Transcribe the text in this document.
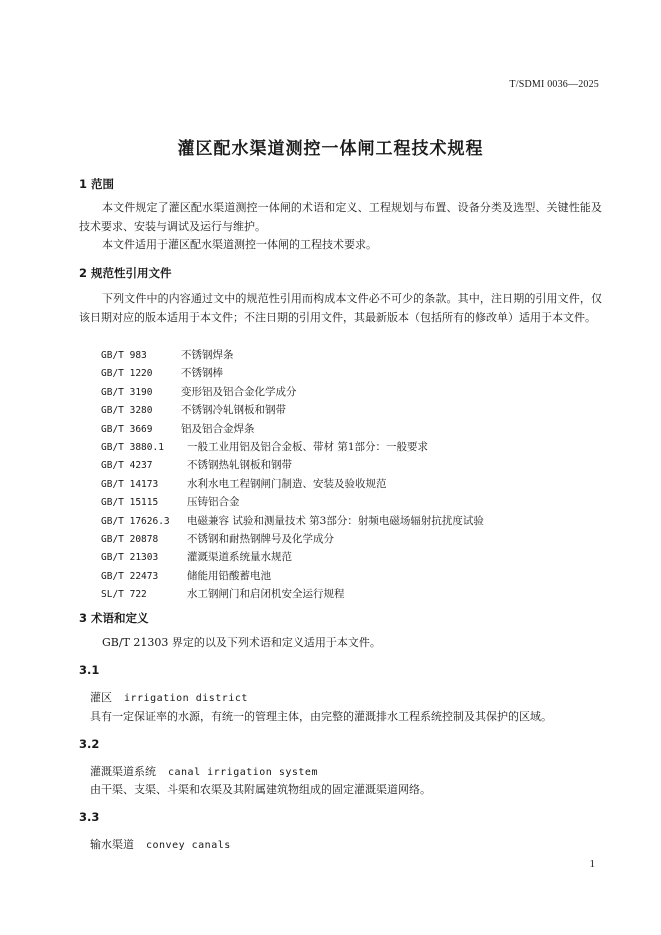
T/SDMI 0036—2025
灌区配水渠道测控一体闸工程技术规程
1 范围
本文件规定了灌区配水渠道测控一体闸的术语和定义、工程规划与布置、设备分类及选型、关键性能及技术要求、安装与调试及运行与维护。
本文件适用于灌区配水渠道测控一体闸的工程技术要求。
2 规范性引用文件
下列文件中的内容通过文中的规范性引用而构成本文件必不可少的条款。其中，注日期的引用文件，仅该日期对应的版本适用于本文件；不注日期的引用文件，其最新版本（包括所有的修改单）适用于本文件。
GB/T 983	不锈钢焊条
GB/T 1220	不锈钢棒
GB/T 3190	变形铝及铝合金化学成分
GB/T 3280	不锈钢冷轧钢板和钢带
GB/T 3669	铝及铝合金焊条
GB/T 3880.1 一般工业用铝及铝合金板、带材 第1部分：一般要求
GB/T 4237	不锈钢热轧钢板和钢带
GB/T 14173	水利水电工程钢闸门制造、安装及验收规范
GB/T 15115	压铸铝合金
GB/T 17626.3 电磁兼容 试验和测量技术 第3部分：射频电磁场辐射抗扰度试验
GB/T 20878	不锈钢和耐热钢牌号及化学成分
GB/T 21303	灌溉渠道系统量水规范
GB/T 22473	储能用铅酸蓄电池
SL/T 722	水工钢闸门和启闭机安全运行规程
3 术语和定义
GB/T 21303 界定的以及下列术语和定义适用于本文件。
3.1
灌区 irrigation district
具有一定保证率的水源，有统一的管理主体，由完整的灌溉排水工程系统控制及其保护的区域。
3.2
灌溉渠道系统 canal irrigation system
由干渠、支渠、斗渠和农渠及其附属建筑物组成的固定灌溉渠道网络。
3.3
输水渠道 convey canals
1
